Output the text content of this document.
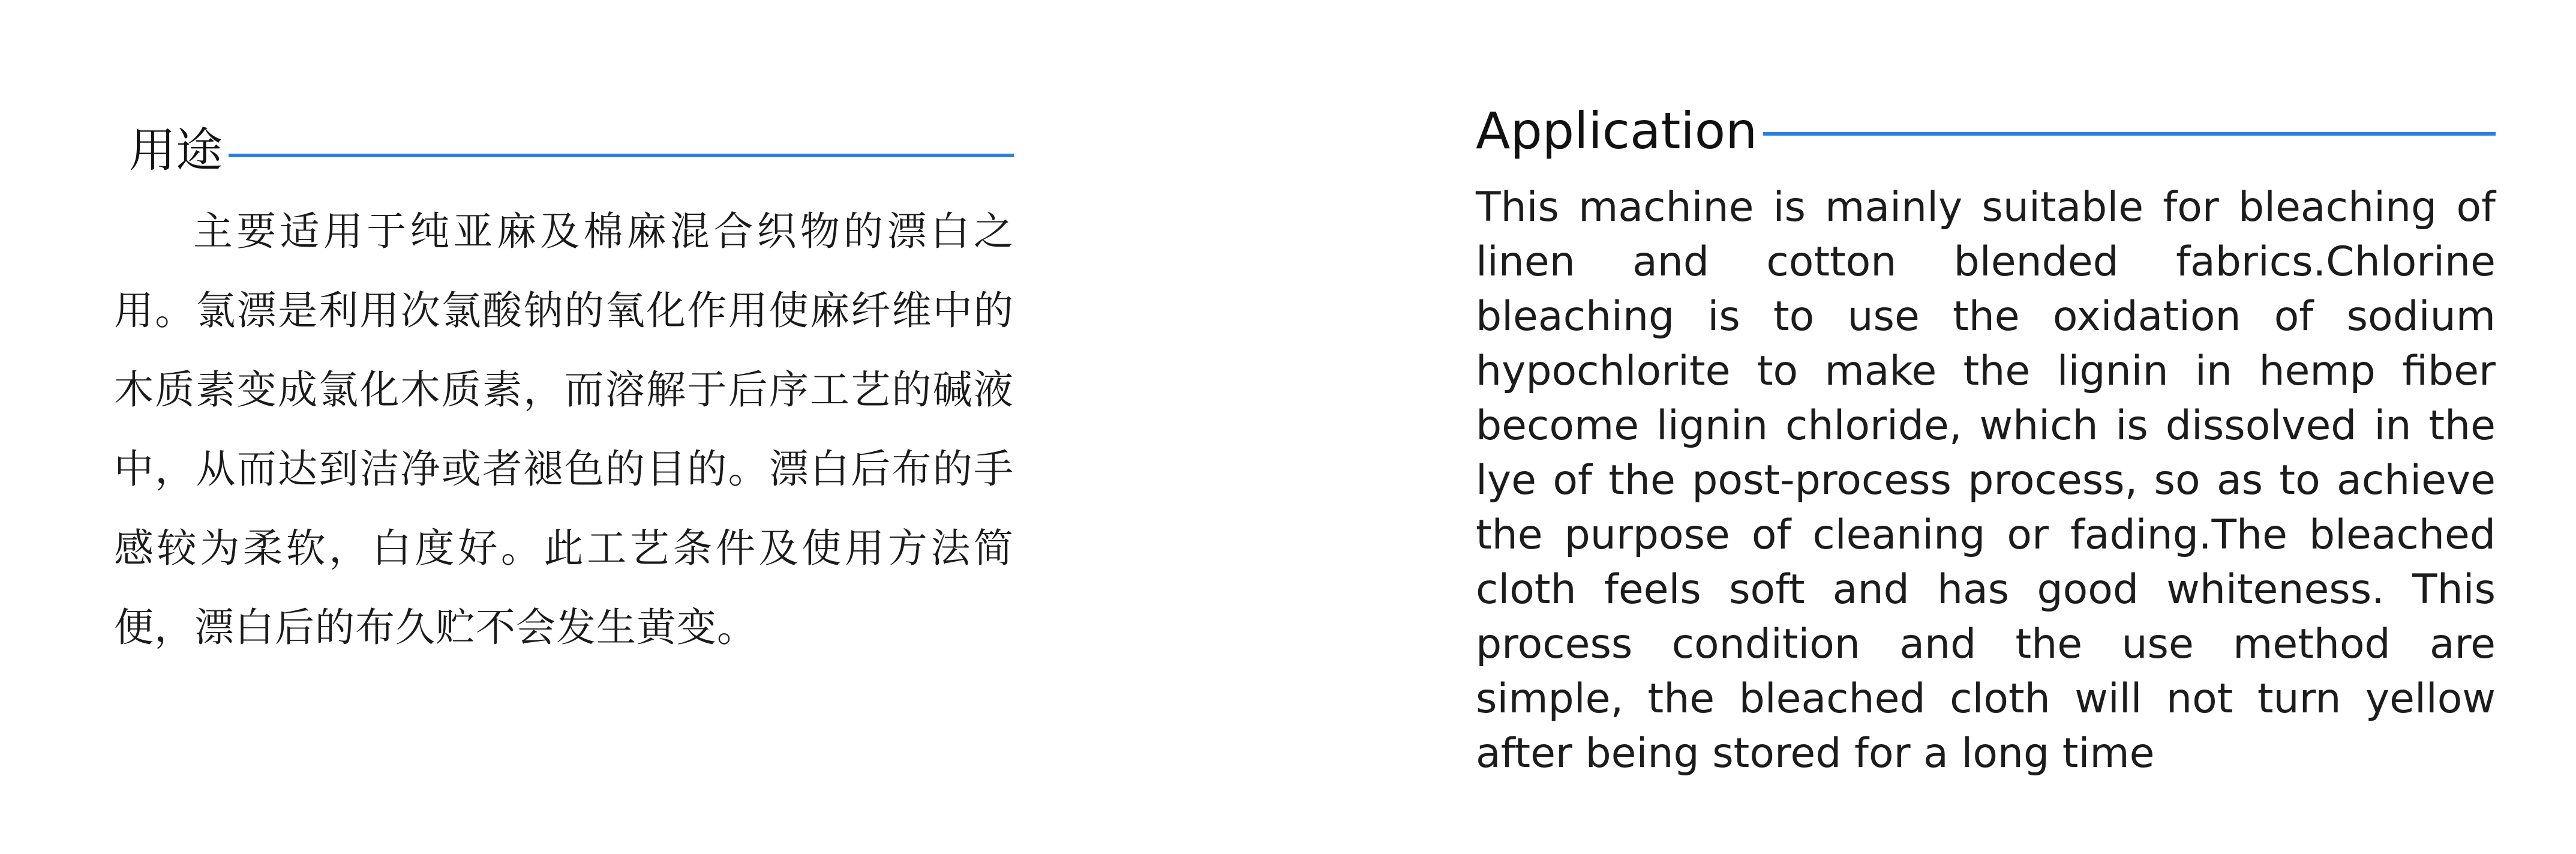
用途

主要适用于纯亚麻及棉麻混合织物的漂白之用。氯漂是利用次氯酸钠的氧化作用使麻纤维中的木质素变成氯化木质素，而溶解于后序工艺的碱液中，从而达到洁净或者褪色的目的。漂白后布的手感较为柔软，白度好。此工艺条件及使用方法简便，漂白后的布久贮不会发生黄变。

Application

This machine is mainly suitable for bleaching of linen and cotton blended fabrics.Chlorine bleaching is to use the oxidation of sodium hypochlorite to make the lignin in hemp fiber become lignin chloride, which is dissolved in the lye of the post-process process, so as to achieve the purpose of cleaning or fading.The bleached cloth feels soft and has good whiteness. This process condition and the use method are simple, the bleached cloth will not turn yellow after being stored for a long time
